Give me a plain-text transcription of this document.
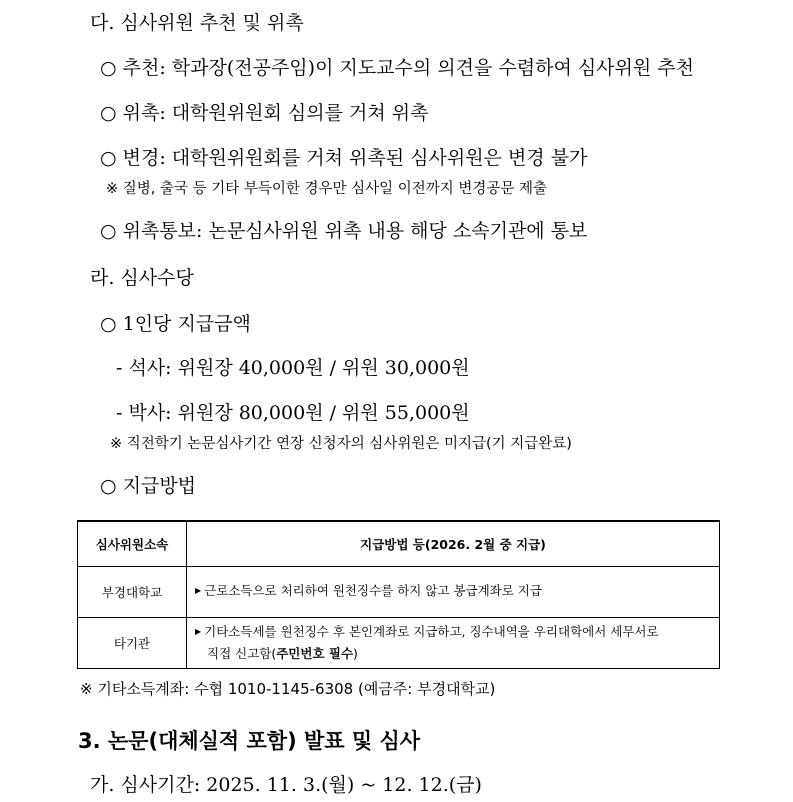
다. 심사위원 추천 및 위촉
○ 추천: 학과장(전공주임)이 지도교수의 의견을 수렴하여 심사위원 추천
○ 위촉: 대학원위원회 심의를 거쳐 위촉
○ 변경: 대학원위원회를 거쳐 위촉된 심사위원은 변경 불가
※ 질병, 출국 등 기타 부득이한 경우만 심사일 이전까지 변경공문 제출
○ 위촉통보: 논문심사위원 위촉 내용 해당 소속기관에 통보
라. 심사수당
○ 1인당 지급금액
- 석사: 위원장 40,000원 / 위원 30,000원
- 박사: 위원장 80,000원 / 위원 55,000원
※ 직전학기 논문심사기간 연장 신청자의 심사위원은 미지급(기 지급완료)
○ 지급방법
심사위원소속	지급방법 등(2026. 2월 중 지급)
부경대학교	▶ 근로소득으로 처리하여 원천징수를 하지 않고 봉급계좌로 지급
타기관	▶ 기타소득세를 원천징수 후 본인계좌로 지급하고, 징수내역을 우리대학에서 세무서로
직접 신고함(주민번호 필수)
※ 기타소득계좌: 수협 1010-1145-6308 (예금주: 부경대학교)
3. 논문(대체실적 포함) 발표 및 심사
가. 심사기간: 2025. 11. 3.(월) ~ 12. 12.(금)
